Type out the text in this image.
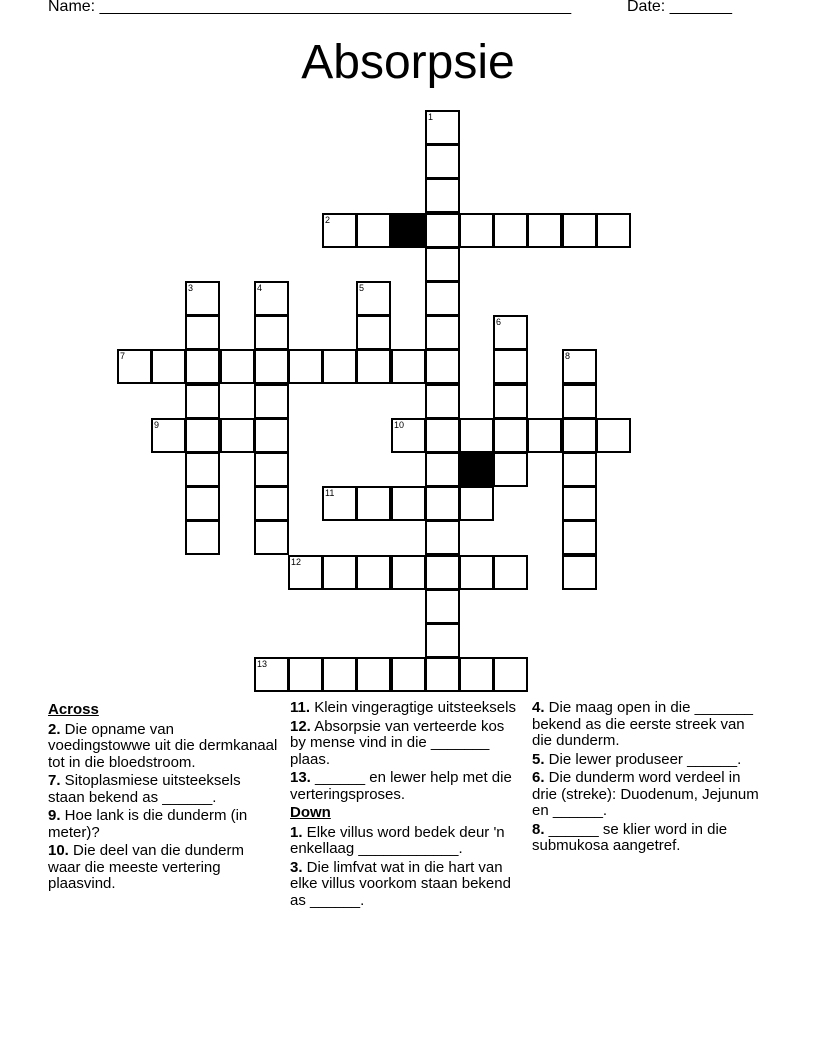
Name: _____________________________________________________	Date: _______
Absorpsie
2
7
9	10
11
12
13
1
3	4	5
6
8
Across
2. Die opname van voedingstowwe uit die dermkanaal tot in die bloedstroom.
7. Sitoplasmiese uitsteeksels staan bekend as ______.
9. Hoe lank is die dunderm (in meter)?
10. Die deel van die dunderm waar die meeste vertering plaasvind.
11. Klein vingeragtige uitsteeksels
12. Absorpsie van verteerde kos by mense vind in die _______ plaas.
13. ______ en lewer help met die verteringsproses.
Down
1. Elke villus word bedek deur 'n enkellaag ____________.
3. Die limfvat wat in die hart van elke villus voorkom staan bekend as ______.
4. Die maag open in die _______ bekend as die eerste streek van die dunderm.
5. Die lewer produseer ______.
6. Die dunderm word verdeel in drie (streke): Duodenum, Jejunum en ______.
8. ______ se klier word in die submukosa aangetref.
